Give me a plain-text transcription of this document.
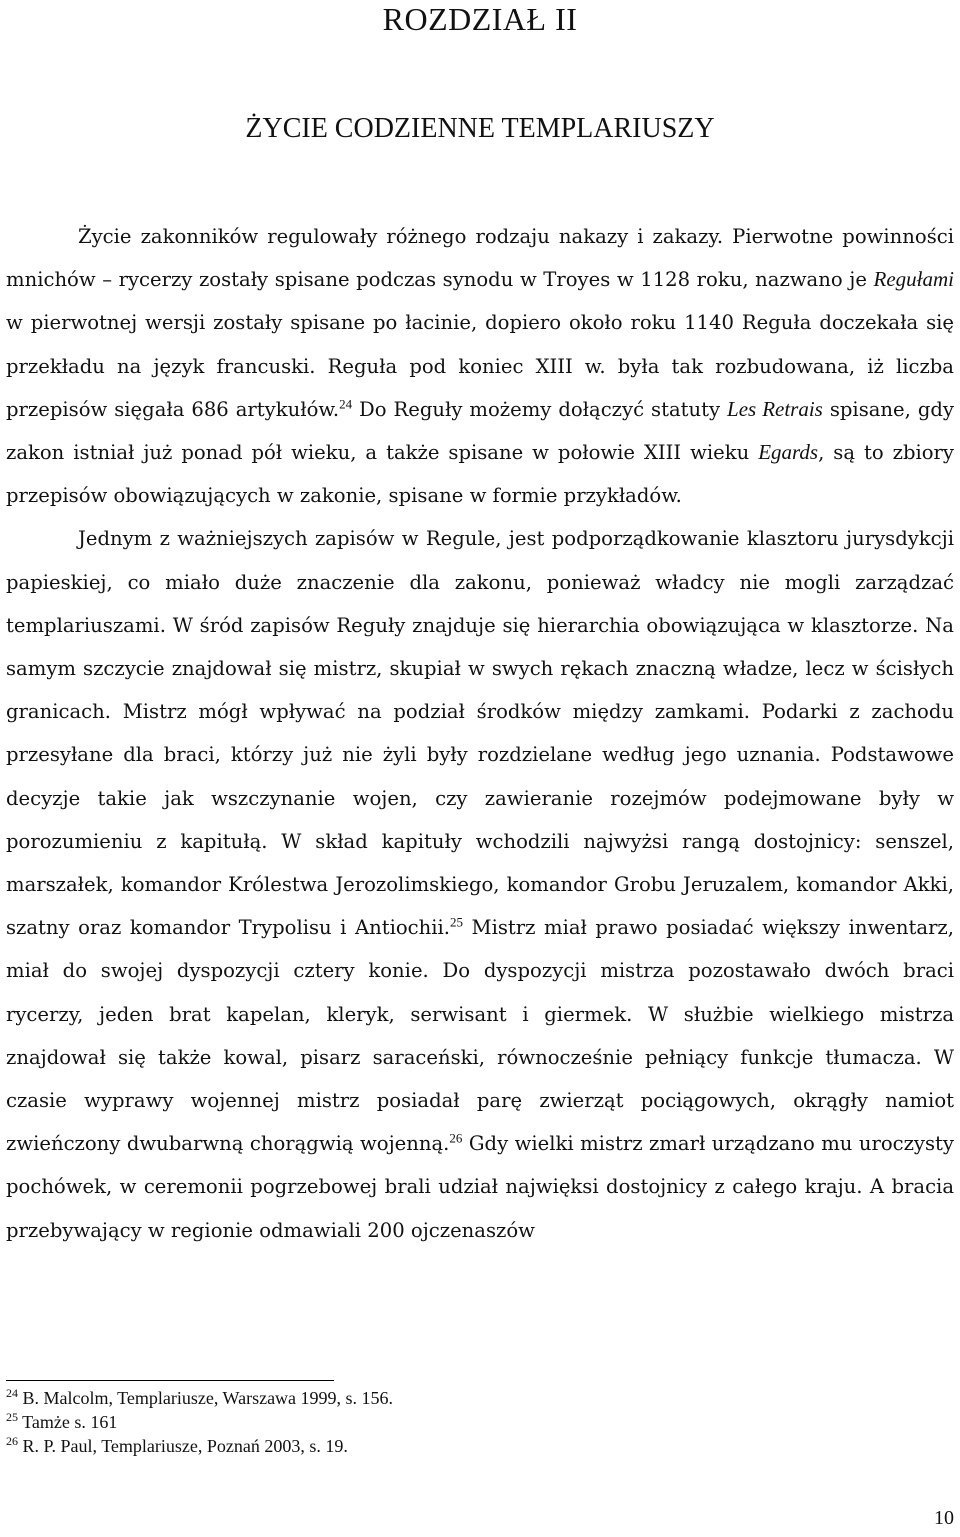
ROZDZIAŁ II
ŻYCIE CODZIENNE TEMPLARIUSZY

Życie zakonników regulowały różnego rodzaju nakazy i zakazy. Pierwotne powinności mnichów – rycerzy zostały spisane podczas synodu w Troyes w 1128 roku, nazwano je Regułami w pierwotnej wersji zostały spisane po łacinie, dopiero około roku 1140 Reguła doczekała się przekładu na język francuski. Reguła pod koniec XIII w. była tak rozbudowana, iż liczba przepisów sięgała 686 artykułów.$^{24}$ Do Reguły możemy dołączyć statuty Les Retrais spisane, gdy zakon istniał już ponad pół wieku, a także spisane w połowie XIII wieku Egards, są to zbiory przepisów obowiązujących w zakonie, spisane w formie przykładów.

Jednym z ważniejszych zapisów w Regule, jest podporządkowanie klasztoru jurysdykcji papieskiej, co miało duże znaczenie dla zakonu, ponieważ władcy nie mogli zarządzać templariuszami. W śród zapisów Reguły znajduje się hierarchia obowiązująca w klasztorze. Na samym szczycie znajdował się mistrz, skupiał w swych rękach znaczną władze, lecz w ścisłych granicach. Mistrz mógł wpływać na podział środków między zamkami. Podarki z zachodu przesyłane dla braci, którzy już nie żyli były rozdzielane według jego uznania. Podstawowe decyzje takie jak wszczynanie wojen, czy zawieranie rozejmów podejmowane były w porozumieniu z kapitułą. W skład kapituły wchodzili najwyżsi rangą dostojnicy: senszel, marszałek, komandor Królestwa Jerozolimskiego, komandor Grobu Jeruzalem, komandor Akki, szatny oraz komandor Trypolisu i Antiochii.$^{25}$ Mistrz miał prawo posiadać większy inwentarz, miał do swojej dyspozycji cztery konie. Do dyspozycji mistrza pozostawało dwóch braci rycerzy, jeden brat kapelan, kleryk, serwisant i giermek. W służbie wielkiego mistrza znajdował się także kowal, pisarz saraceński, równocześnie pełniący funkcje tłumacza. W czasie wyprawy wojennej mistrz posiadał parę zwierząt pociągowych, okrągły namiot zwieńczony dwubarwną chorągwią wojenną.$^{26}$ Gdy wielki mistrz zmarł urządzano mu uroczysty pochówek, w ceremonii pogrzebowej brali udział najwięksi dostojnicy z całego kraju. A bracia przebywający w regionie odmawiali 200 ojczenaszów

$^{24}$ B. Malcolm, Templariusze, Warszawa 1999, s. 156.
$^{25}$ Tamże s. 161
$^{26}$ R. P. Paul, Templariusze, Poznań 2003, s. 19.
10
